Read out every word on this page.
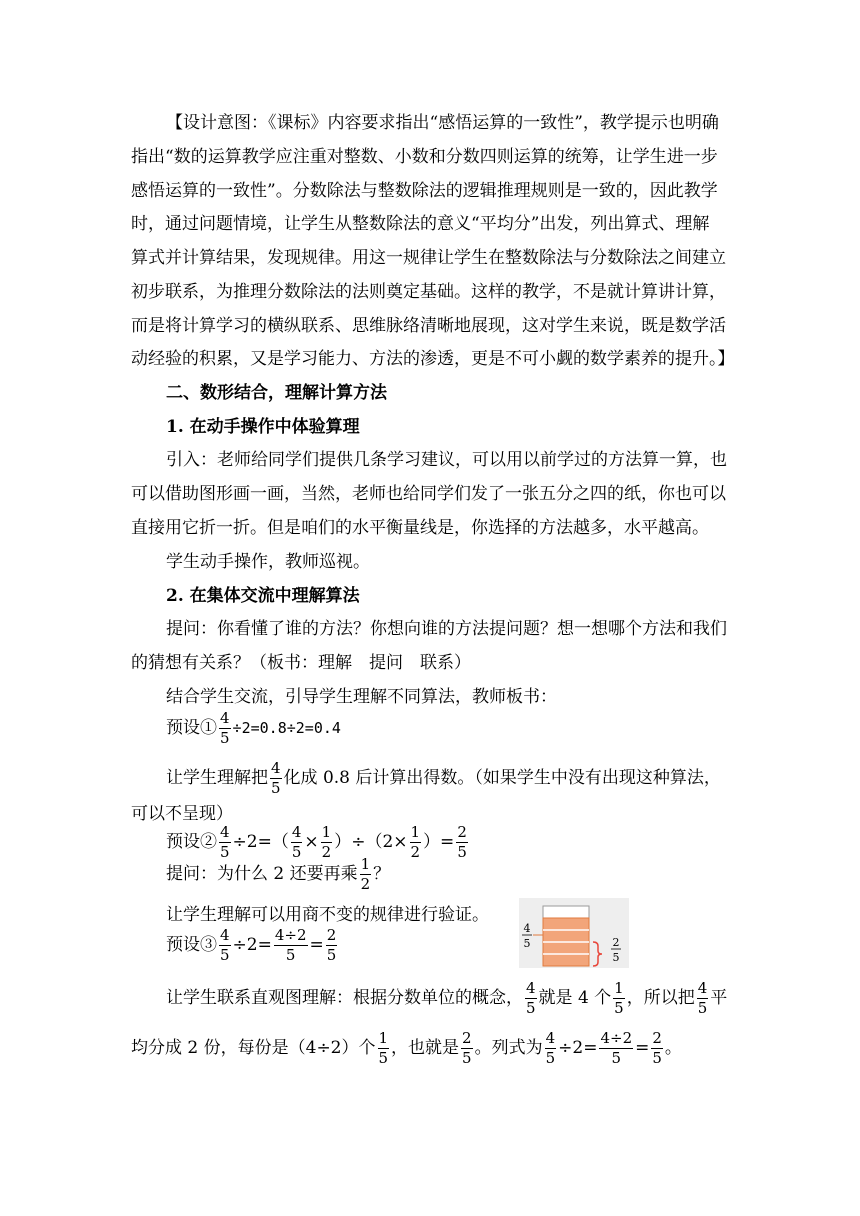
【设计意图：《课标》内容要求指出“感悟运算的一致性”，教学提示也明确
指出“数的运算教学应注重对整数、小数和分数四则运算的统筹，让学生进一步
感悟运算的一致性”。分数除法与整数除法的逻辑推理规则是一致的，因此教学
时，通过问题情境，让学生从整数除法的意义“平均分”出发，列出算式、理解
算式并计算结果，发现规律。用这一规律让学生在整数除法与分数除法之间建立
初步联系，为推理分数除法的法则奠定基础。这样的教学，不是就计算讲计算，
而是将计算学习的横纵联系、思维脉络清晰地展现，这对学生来说，既是数学活
动经验的积累，又是学习能力、方法的渗透，更是不可小觑的数学素养的提升。】
二、数形结合，理解计算方法
1. 在动手操作中体验算理
引入：老师给同学们提供几条学习建议，可以用以前学过的方法算一算，也
可以借助图形画一画，当然，老师也给同学们发了一张五分之四的纸，你也可以
直接用它折一折。但是咱们的水平衡量线是，你选择的方法越多，水平越高。
学生动手操作，教师巡视。
2. 在集体交流中理解算法
提问：你看懂了谁的方法？你想向谁的方法提问题？想一想哪个方法和我们
的猜想有关系？（板书：理解　提问　联系）
结合学生交流，引导学生理解不同算法，教师板书：
预设① $\frac{4}{5} \div 2=0.8\div 2=0.4$
让学生理解把 $\frac{4}{5}$ 化成 0.8 后计算出得数。（如果学生中没有出现这种算法，
可以不呈现）
预设② $\frac{4}{5} \div 2=( \frac{4}{5} \times \frac{1}{2} )\div(2\times \frac{1}{2}$ ）= $\frac{2}{5}$
提问：为什么 2 还要再乘 $\frac{1}{2}$ ？
让学生理解可以用商不变的规律进行验证。
预设③ $\frac{4}{5} \div 2= \frac{4\div 2}{5} = \frac{2}{5}$	4
5	2
5
让学生联系直观图理解：根据分数单位的概念， $\frac{4}{5}$ 就是 4 个 $\frac{1}{5}$ ，所以把 $\frac{4}{5}$ 平
均分成 2 份，每份是（4÷2）个 $\frac{1}{5}$ ，也就是 $\frac{2}{5}$ 。列式为 $\frac{4}{5} \div 2= \frac{4\div 2}{5} = \frac{2}{5}$ 。
